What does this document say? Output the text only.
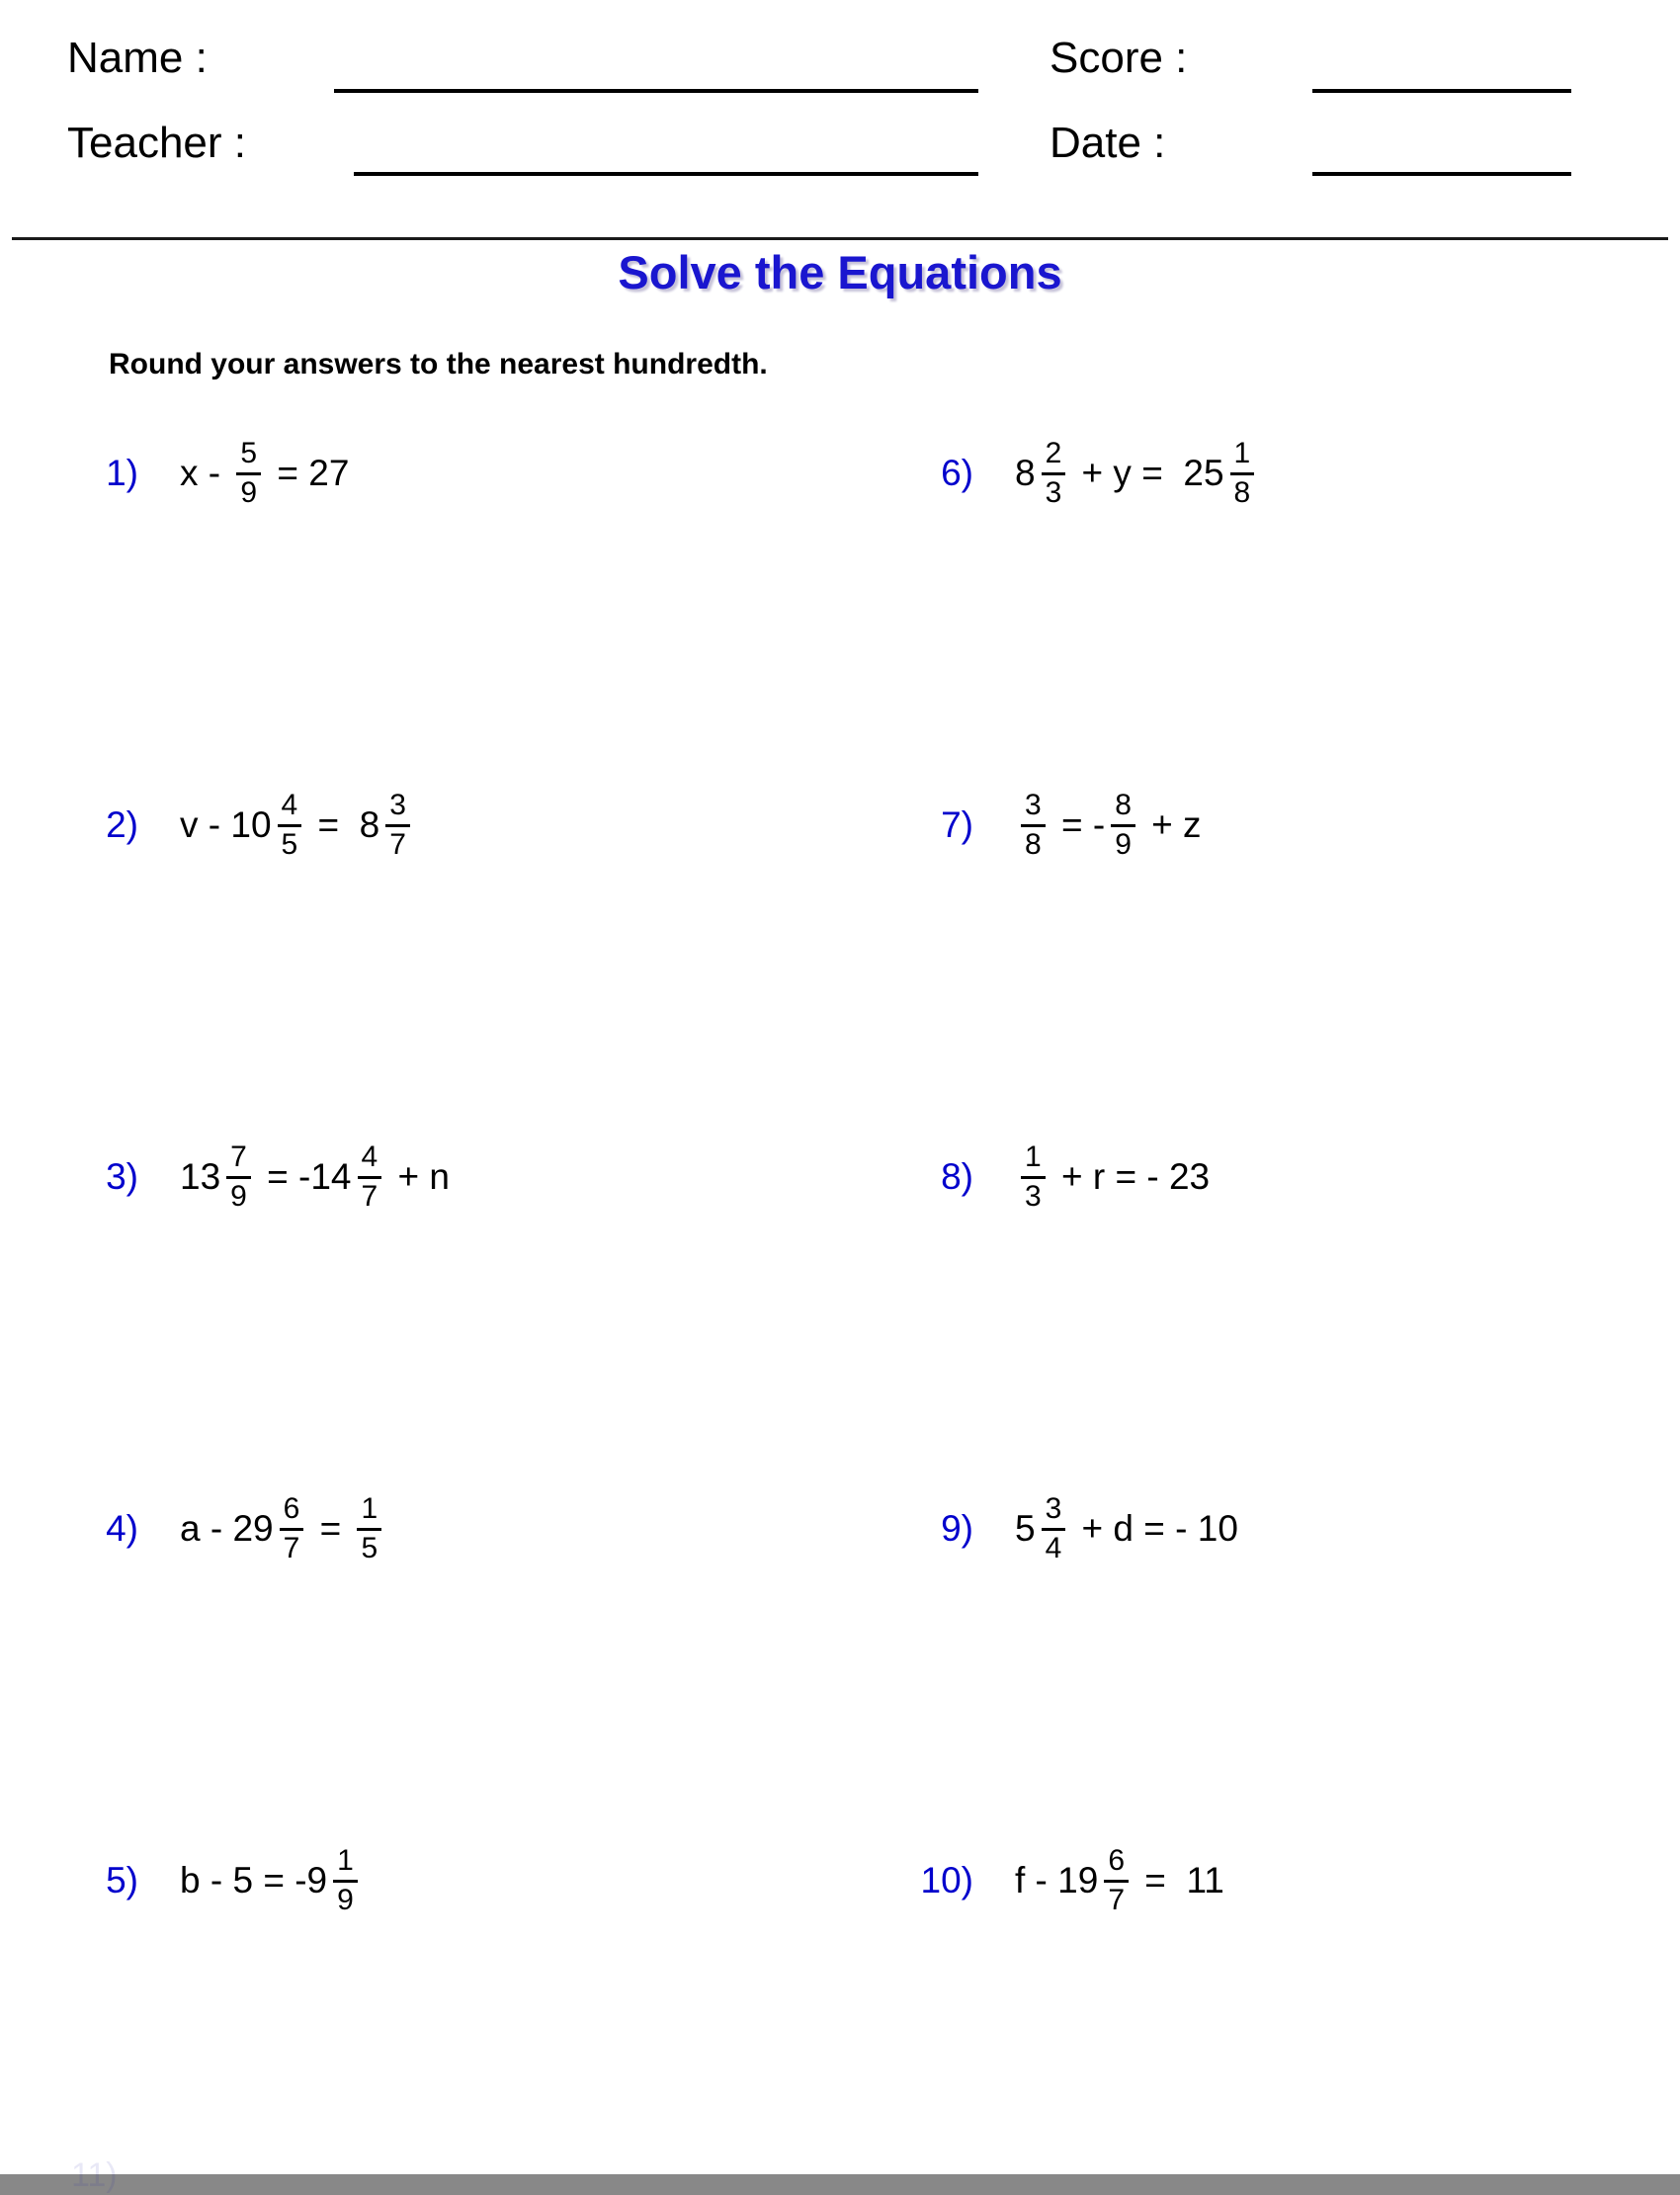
Name :	Score :
Teacher :	Date :
Solve the Equations
Round your answers to the nearest hundredth.
1) $x - \frac{5}{9} = 27$
2) $v - 10 \frac{4}{5} = 8 \frac{3}{7}$
3) $13 \frac{7}{9} = -14 \frac{4}{7} + n$
4) $a - 29 \frac{6}{7} = \frac{1}{5}$
5) $b - 5 = -9 \frac{1}{9}$
6) $8 \frac{2}{3} + y = 25 \frac{1}{8}$
$7) \frac{3}{8}$ = - $\frac{8}{9} + z$
$8) \frac{1}{3} + r$ = - 23
9) $5 \frac{3}{4} + d$ = - 10
10) $f - 19 \frac{6}{7} = 11$
11)
